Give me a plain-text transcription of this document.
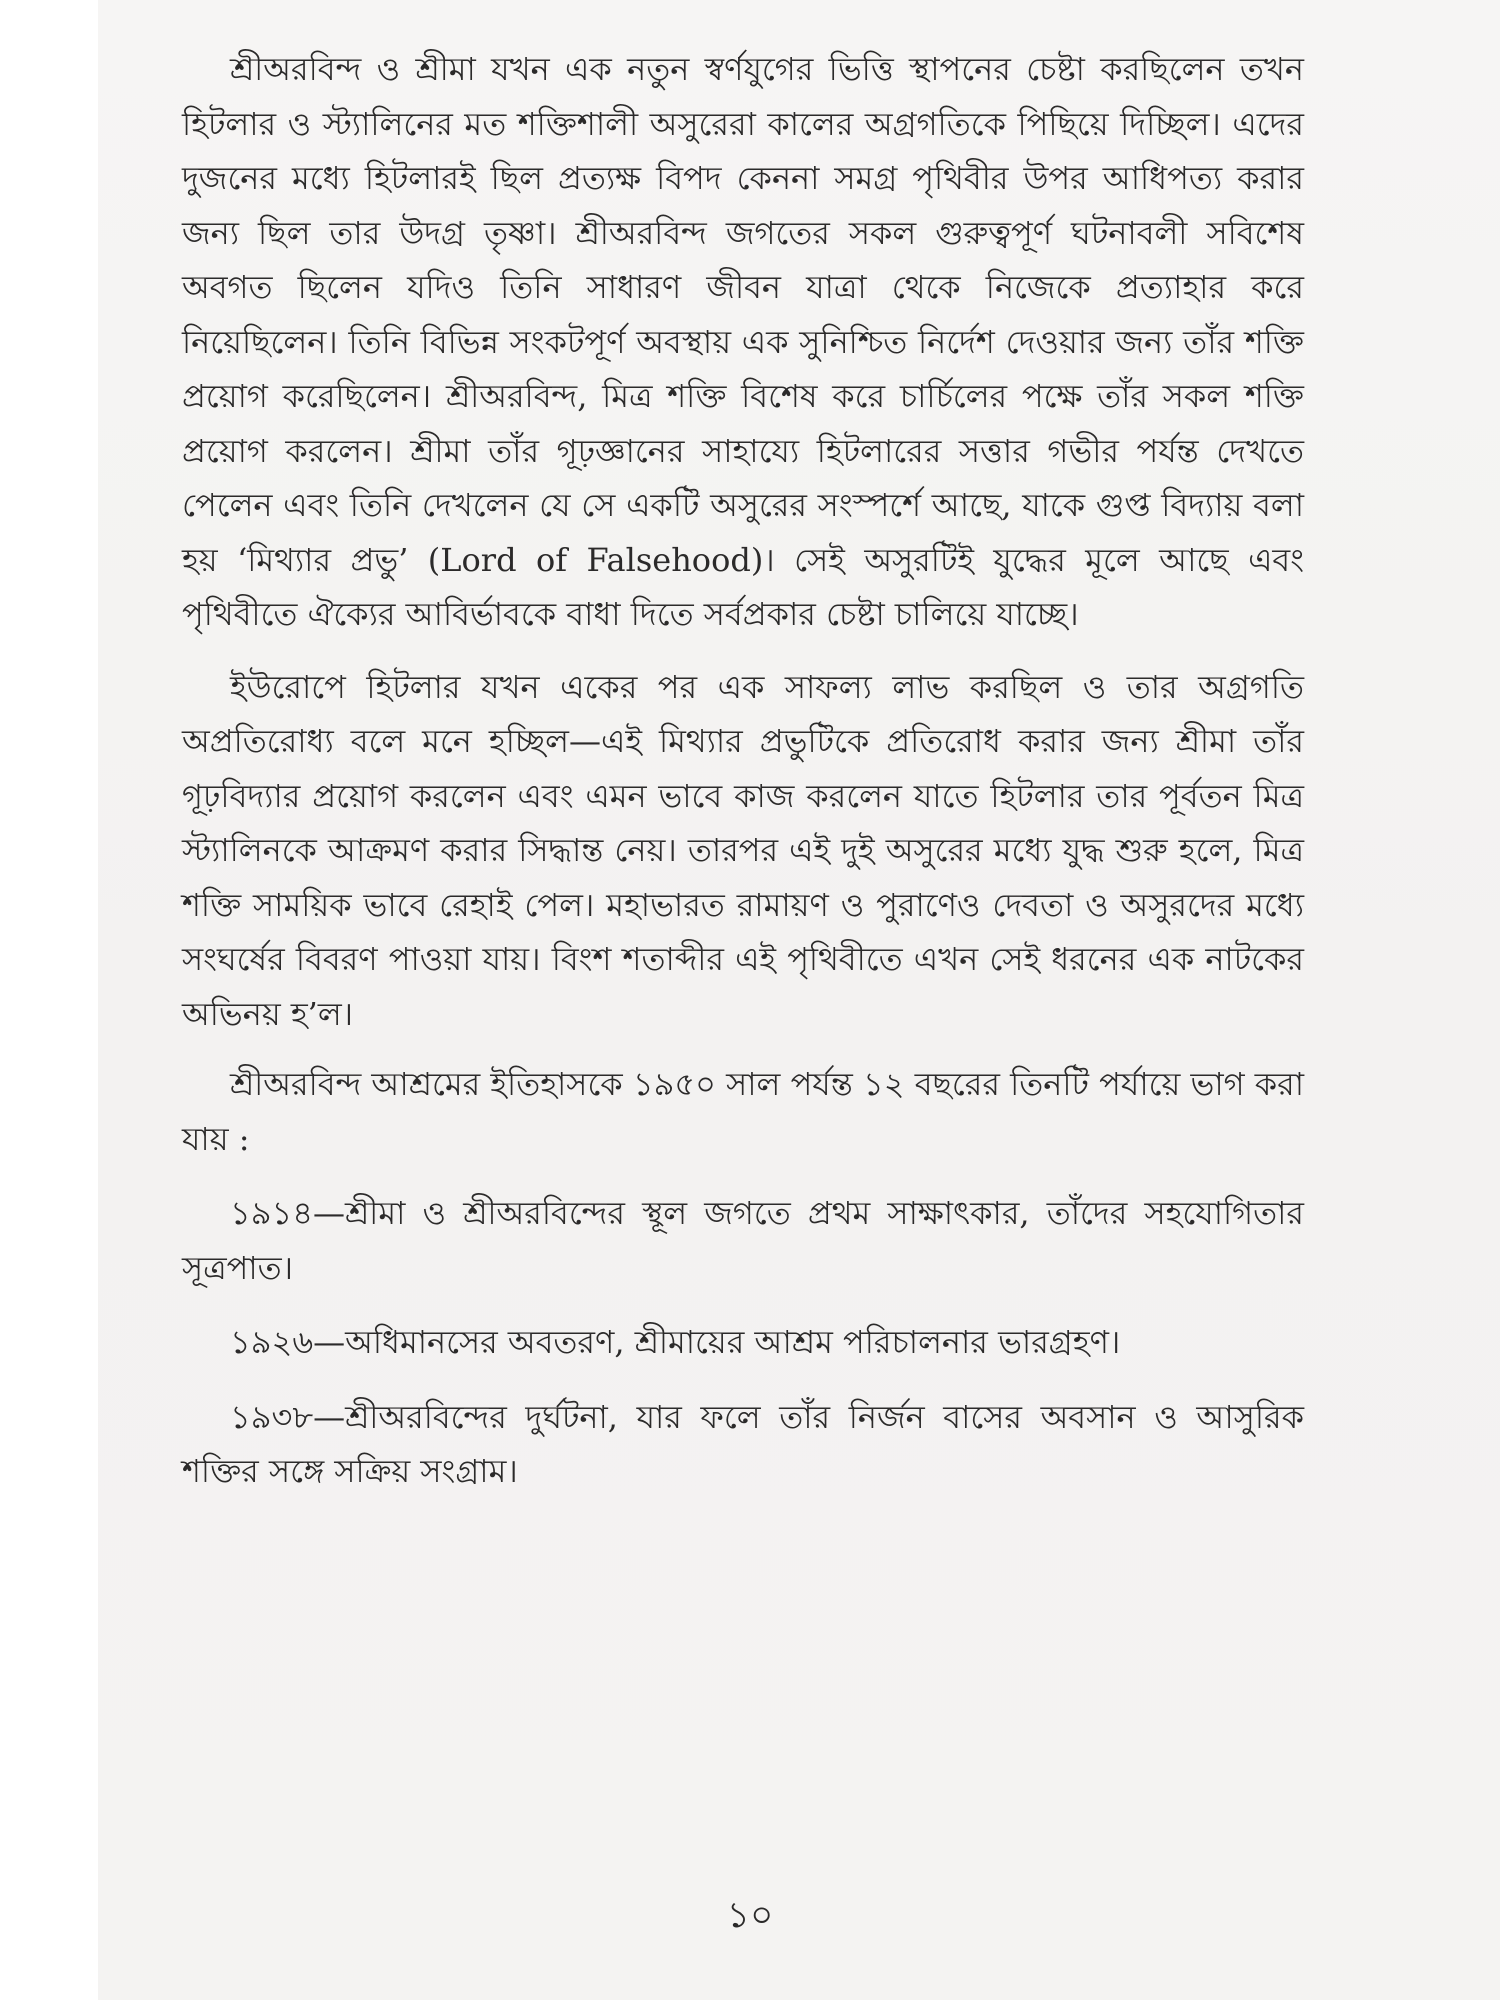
শ্রীঅরবিন্দ ও শ্রীমা যখন এক নতুন স্বর্ণযুগের ভিত্তি স্থাপনের চেষ্টা করছিলেন তখন হিটলার ও স্ট্যালিনের মত শক্তিশালী অসুরেরা কালের অগ্রগতিকে পিছিয়ে দিচ্ছিল। এদের দুজনের মধ্যে হিটলারই ছিল প্রত্যক্ষ বিপদ কেননা সমগ্র পৃথিবীর উপর আধিপত্য করার জন্য ছিল তার উদগ্র তৃষ্ণা। শ্রীঅরবিন্দ জগতের সকল গুরুত্বপূর্ণ ঘটনাবলী সবিশেষ অবগত ছিলেন যদিও তিনি সাধারণ জীবন যাত্রা থেকে নিজেকে প্রত্যাহার করে নিয়েছিলেন। তিনি বিভিন্ন সংকটপূর্ণ অবস্থায় এক সুনিশ্চিত নির্দেশ দেওয়ার জন্য তাঁর শক্তি প্রয়োগ করেছিলেন। শ্রীঅরবিন্দ, মিত্র শক্তি বিশেষ করে চার্চিলের পক্ষে তাঁর সকল শক্তি প্রয়োগ করলেন। শ্রীমা তাঁর গূঢ়জ্ঞানের সাহায্যে হিটলারের সত্তার গভীর পর্যন্ত দেখতে পেলেন এবং তিনি দেখলেন যে সে একটি অসুরের সংস্পর্শে আছে, যাকে গুপ্ত বিদ্যায় বলা হয় ‘মিথ্যার প্রভু’ (Lord of Falsehood)। সেই অসুরটিই যুদ্ধের মূলে আছে এবং পৃথিবীতে ঐক্যের আবির্ভাবকে বাধা দিতে সর্বপ্রকার চেষ্টা চালিয়ে যাচ্ছে।

ইউরোপে হিটলার যখন একের পর এক সাফল্য লাভ করছিল ও তার অগ্রগতি অপ্রতিরোধ্য বলে মনে হচ্ছিল—এই মিথ্যার প্রভুটিকে প্রতিরোধ করার জন্য শ্রীমা তাঁর গূঢ়বিদ্যার প্রয়োগ করলেন এবং এমন ভাবে কাজ করলেন যাতে হিটলার তার পূর্বতন মিত্র স্ট্যালিনকে আক্রমণ করার সিদ্ধান্ত নেয়। তারপর এই দুই অসুরের মধ্যে যুদ্ধ শুরু হলে, মিত্র শক্তি সাময়িক ভাবে রেহাই পেল। মহাভারত রামায়ণ ও পুরাণেও দেবতা ও অসুরদের মধ্যে সংঘর্ষের বিবরণ পাওয়া যায়। বিংশ শতাব্দীর এই পৃথিবীতে এখন সেই ধরনের এক নাটকের অভিনয় হ’ল।

শ্রীঅরবিন্দ আশ্রমের ইতিহাসকে ১৯৫০ সাল পর্যন্ত ১২ বছরের তিনটি পর্যায়ে ভাগ করা যায় :

১৯১৪—শ্রীমা ও শ্রীঅরবিন্দের স্থূল জগতে প্রথম সাক্ষাৎকার, তাঁদের সহযোগিতার সূত্রপাত।

১৯২৬—অধিমানসের অবতরণ, শ্রীমায়ের আশ্রম পরিচালনার ভারগ্রহণ।

১৯৩৮—শ্রীঅরবিন্দের দুর্ঘটনা, যার ফলে তাঁর নির্জন বাসের অবসান ও আসুরিক শক্তির সঙ্গে সক্রিয় সংগ্রাম।

১০
